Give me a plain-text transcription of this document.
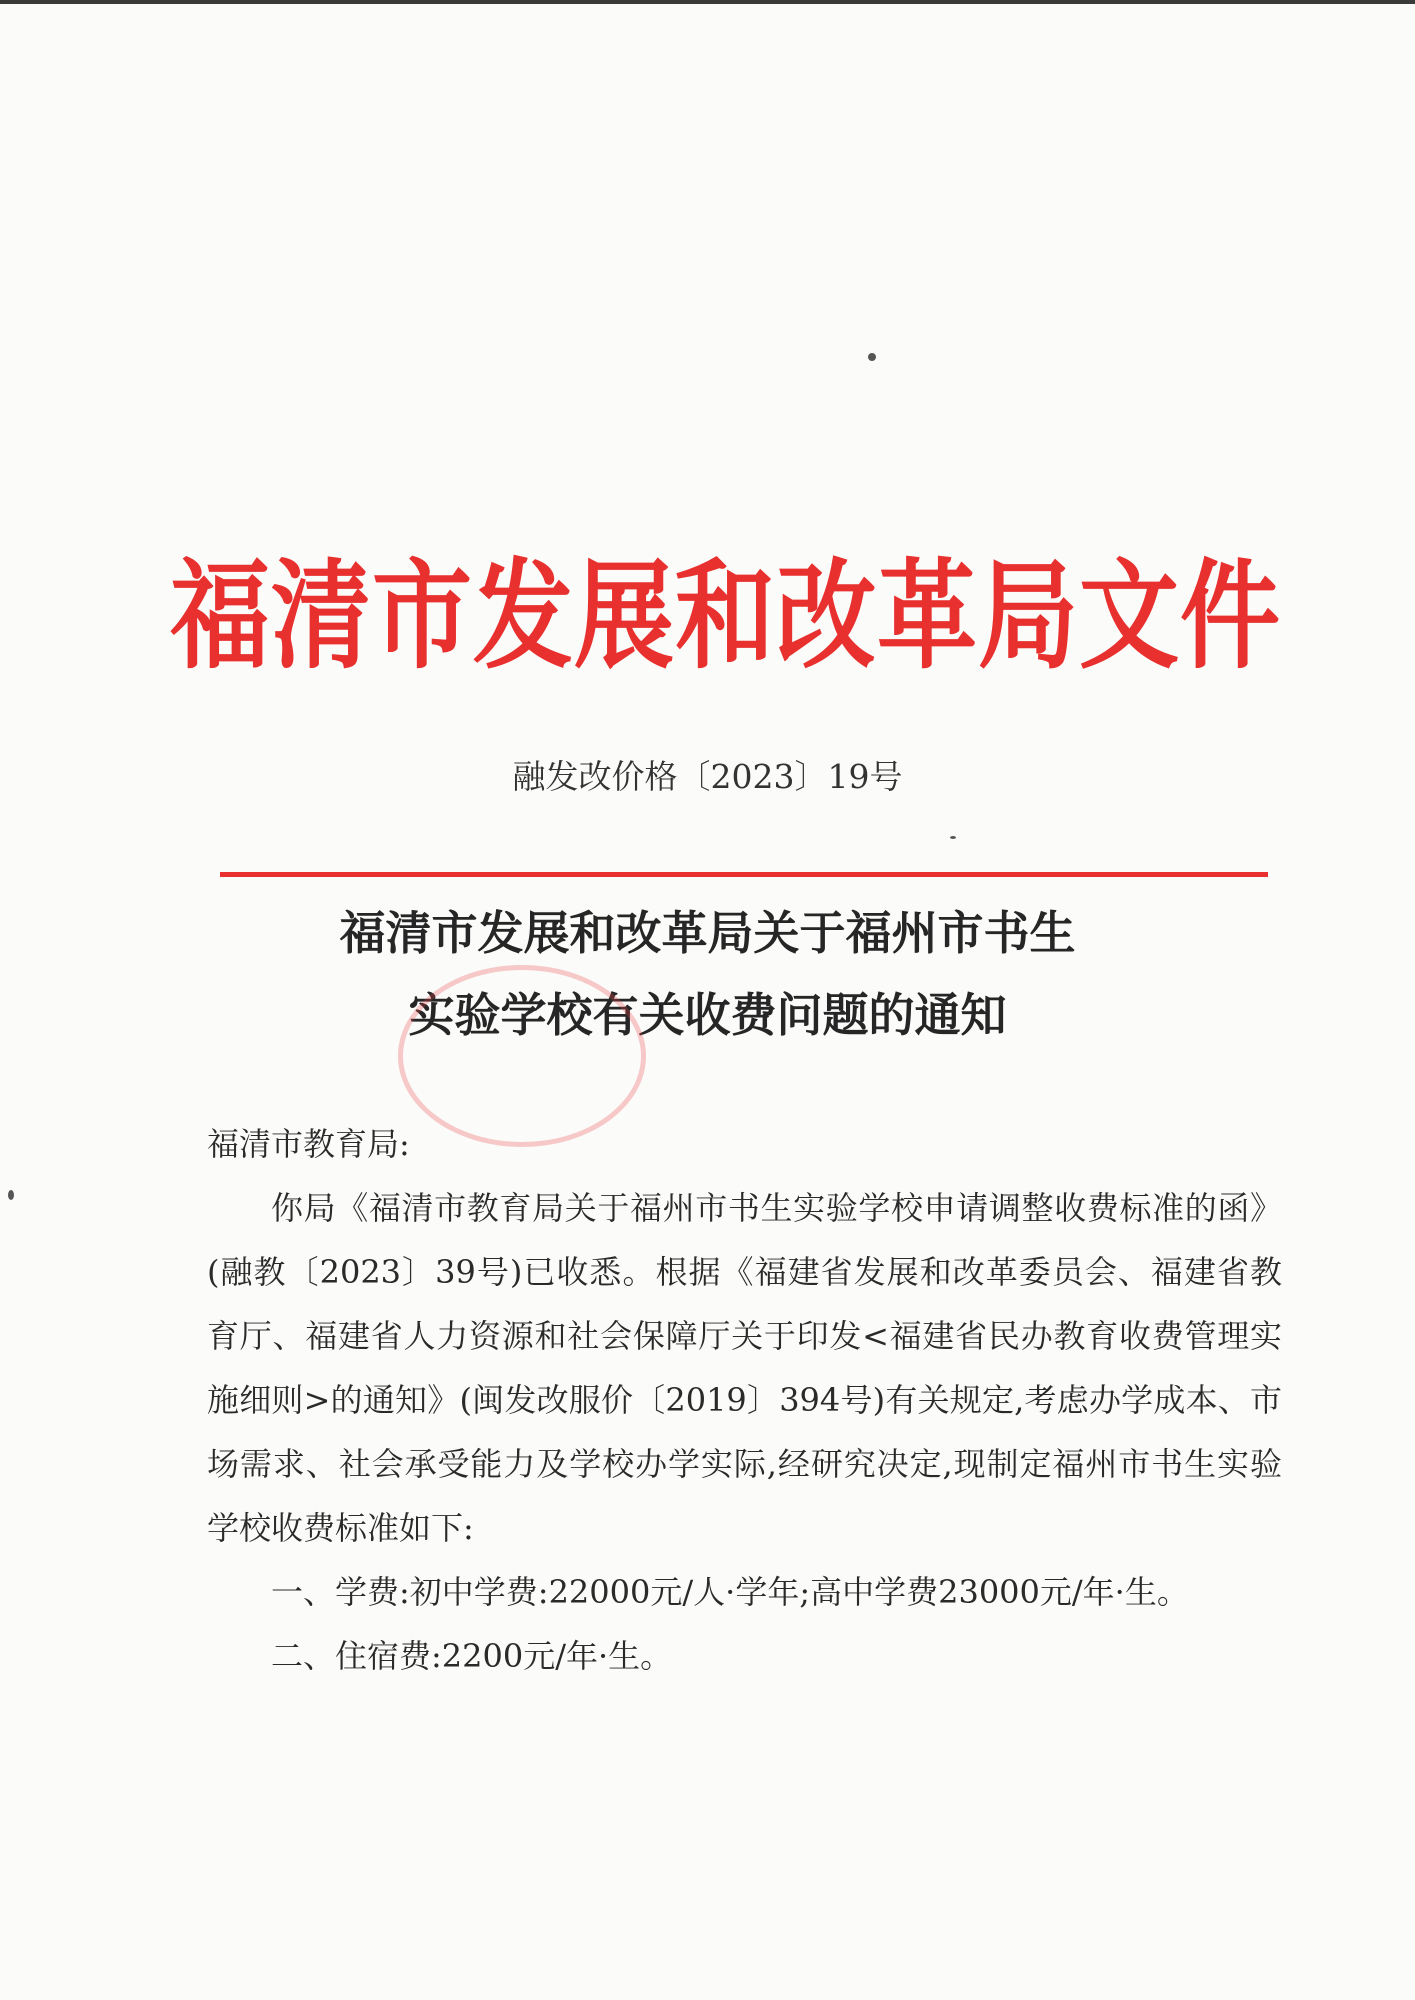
福清市发展和改革局文件
融发改价格〔2023〕19号
福清市发展和改革局关于福州市书生
实验学校有关收费问题的通知

福清市教育局:

你局《福清市教育局关于福州市书生实验学校申请调整收费标准的函》(融教〔2023〕39号)已收悉。根据《福建省发展和改革委员会、福建省教育厅、福建省人力资源和社会保障厅关于印发<福建省民办教育收费管理实施细则>的通知》(闽发改服价〔2019〕394号)有关规定,考虑办学成本、市场需求、社会承受能力及学校办学实际,经研究决定,现制定福州市书生实验学校收费标准如下:

一、学费:初中学费:22000元/人·学年;高中学费23000元/年·生。

二、住宿费:2200元/年·生。
